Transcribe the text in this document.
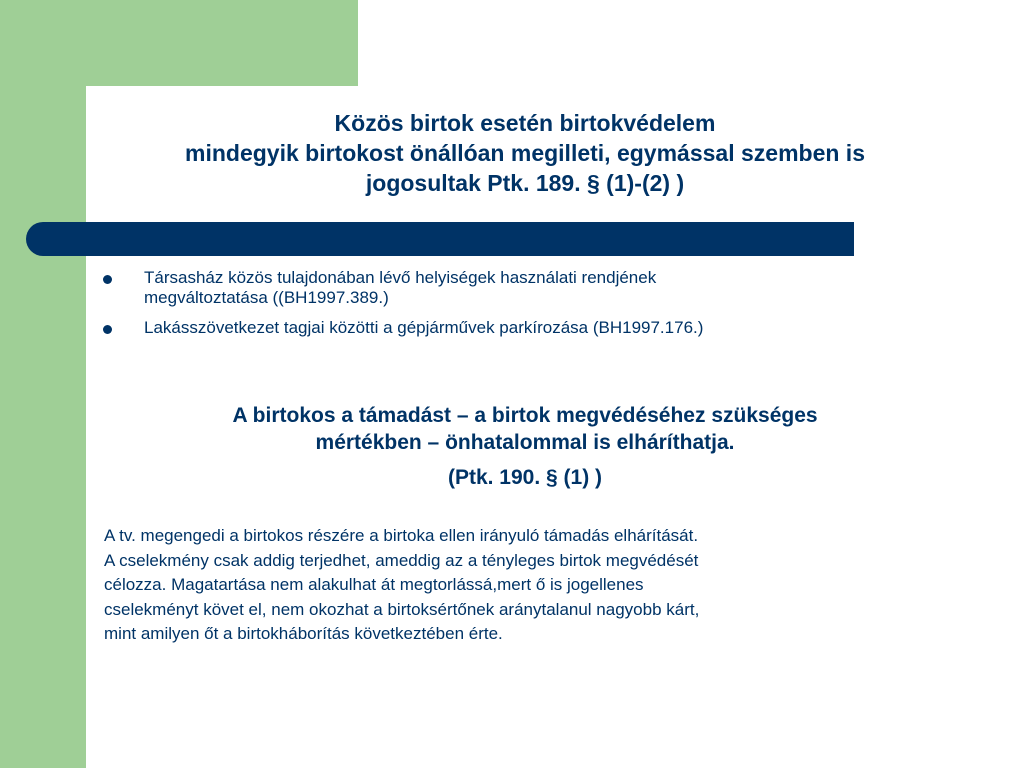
Közös birtok esetén birtokvédelem
mindegyik birtokost önállóan megilleti, egymással szemben is
jogosultak Ptk. 189. § (1)-(2) )
Társasház közös tulajdonában lévő helyiségek használati rendjének
megváltoztatása ((BH1997.389.)
Lakásszövetkezet tagjai közötti a gépjárművek parkírozása (BH1997.176.)
A birtokos a támadást – a birtok megvédéséhez szükséges
mértékben – önhatalommal is elháríthatja.
(Ptk. 190. § (1) )
A tv. megengedi a birtokos részére a birtoka ellen irányuló támadás elhárítását.
A cselekmény csak addig terjedhet, ameddig az a tényleges birtok megvédését
célozza. Magatartása nem alakulhat át megtorlássá,mert ő is jogellenes
cselekményt követ el, nem okozhat a birtoksértőnek aránytalanul nagyobb kárt,
mint amilyen őt a birtokháborítás következtében érte.
